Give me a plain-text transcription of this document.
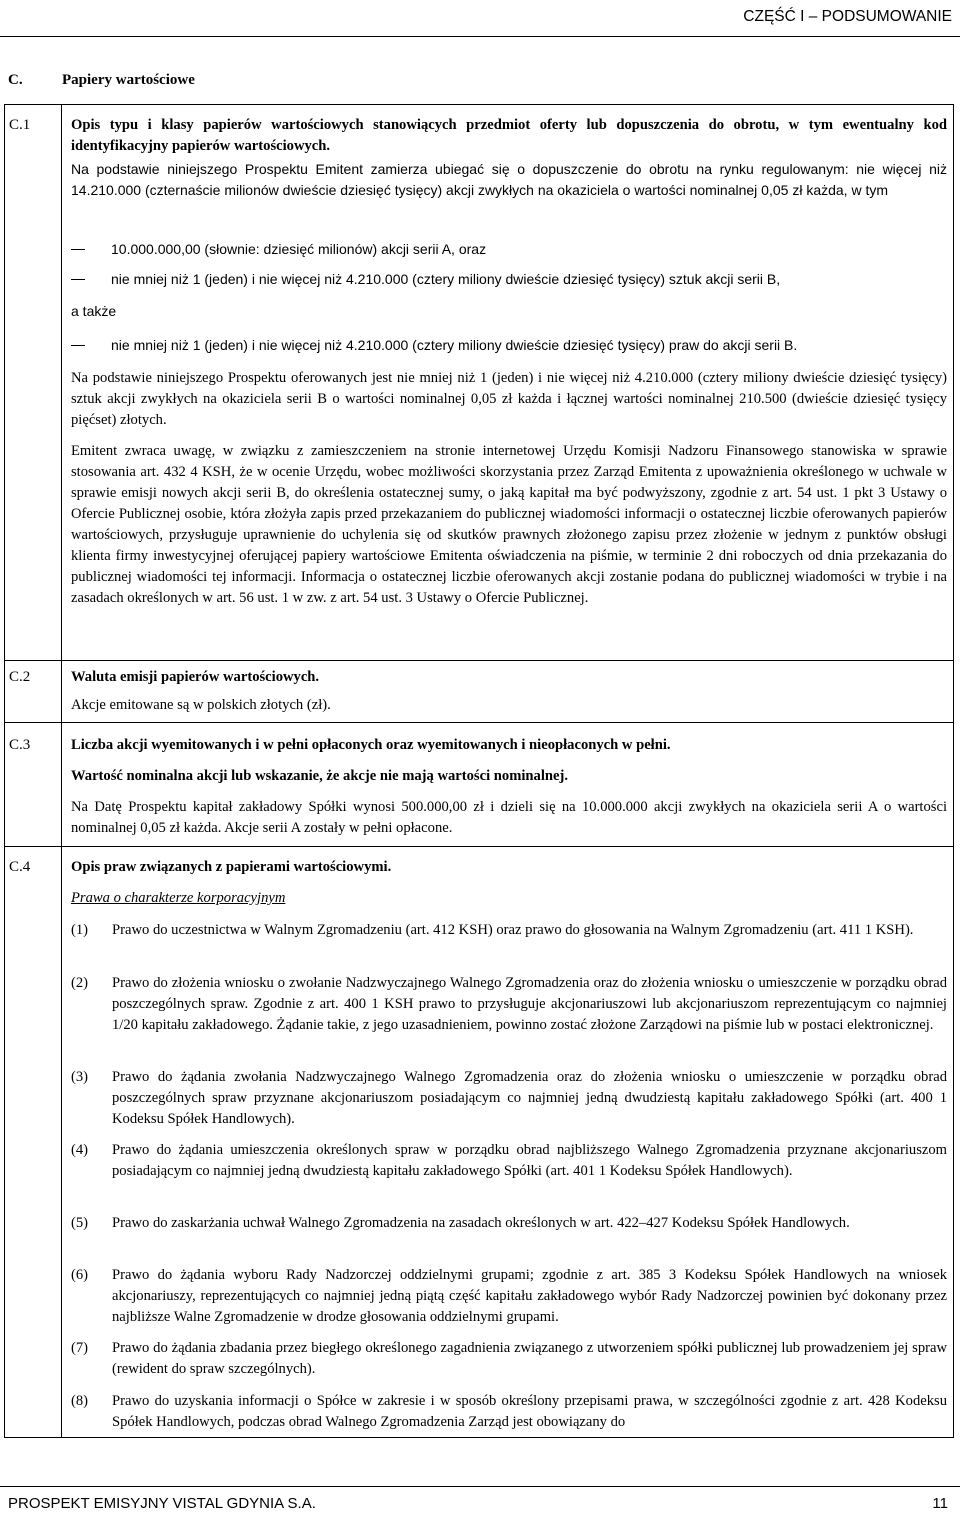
CZĘŚĆ I – PODSUMOWANIE
C.	Papiery wartościowe
C.1	Opis typu i klasy papierów wartościowych stanowiących przedmiot oferty lub dopuszczenia do obrotu, w tym ewentualny kod identyfikacyjny papierów wartościowych.
Na podstawie niniejszego Prospektu Emitent zamierza ubiegać się o dopuszczenie do obrotu na rynku regulowanym: nie więcej niż 14.210.000 (czternaście milionów dwieście dziesięć tysięcy) akcji zwykłych na okaziciela o wartości nominalnej 0,05 zł każda, w tym
10.000.000,00 (słownie: dziesięć milionów) akcji serii A, oraz
nie mniej niż 1 (jeden) i nie więcej niż 4.210.000 (cztery miliony dwieście dziesięć tysięcy) sztuk akcji serii B,
a także
nie mniej niż 1 (jeden) i nie więcej niż 4.210.000 (cztery miliony dwieście dziesięć tysięcy) praw do akcji serii B.
Na podstawie niniejszego Prospektu oferowanych jest nie mniej niż 1 (jeden) i nie więcej niż 4.210.000 (cztery miliony dwieście dziesięć tysięcy) sztuk akcji zwykłych na okaziciela serii B o wartości nominalnej 0,05 zł każda i łącznej wartości nominalnej 210.500 (dwieście dziesięć tysięcy pięćset) złotych.
Emitent zwraca uwagę, w związku z zamieszczeniem na stronie internetowej Urzędu Komisji Nadzoru Finansowego stanowiska w sprawie stosowania art. 432 4 KSH, że w ocenie Urzędu, wobec możliwości skorzystania przez Zarząd Emitenta z upoważnienia określonego w uchwale w sprawie emisji nowych akcji serii B, do określenia ostatecznej sumy, o jaką kapitał ma być podwyższony, zgodnie z art. 54 ust. 1 pkt 3 Ustawy o Ofercie Publicznej osobie, która złożyła zapis przed przekazaniem do publicznej wiadomości informacji o ostatecznej liczbie oferowanych papierów wartościowych, przysługuje uprawnienie do uchylenia się od skutków prawnych złożonego zapisu przez złożenie w jednym z punktów obsługi klienta firmy inwestycyjnej oferującej papiery wartościowe Emitenta oświadczenia na piśmie, w terminie 2 dni roboczych od dnia przekazania do publicznej wiadomości tej informacji. Informacja o ostatecznej liczbie oferowanych akcji zostanie podana do publicznej wiadomości w trybie i na zasadach określonych w art. 56 ust. 1 w zw. z art. 54 ust. 3 Ustawy o Ofercie Publicznej.
C.2	Waluta emisji papierów wartościowych.
Akcje emitowane są w polskich złotych (zł).
C.3	Liczba akcji wyemitowanych i w pełni opłaconych oraz wyemitowanych i nieopłaconych w pełni.
Wartość nominalna akcji lub wskazanie, że akcje nie mają wartości nominalnej.
Na Datę Prospektu kapitał zakładowy Spółki wynosi 500.000,00 zł i dzieli się na 10.000.000 akcji zwykłych na okaziciela serii A o wartości nominalnej 0,05 zł każda. Akcje serii A zostały w pełni opłacone.
C.4	Opis praw związanych z papierami wartościowymi.
Prawa o charakterze korporacyjnym
(1) Prawo do uczestnictwa w Walnym Zgromadzeniu (art. 412 KSH) oraz prawo do głosowania na Walnym Zgromadzeniu (art. 411 1 KSH).
(2) Prawo do złożenia wniosku o zwołanie Nadzwyczajnego Walnego Zgromadzenia oraz do złożenia wniosku o umieszczenie w porządku obrad poszczególnych spraw. Zgodnie z art. 400 1 KSH prawo to przysługuje akcjonariuszowi lub akcjonariuszom reprezentującym co najmniej 1/20 kapitału zakładowego. Żądanie takie, z jego uzasadnieniem, powinno zostać złożone Zarządowi na piśmie lub w postaci elektronicznej.
(3) Prawo do żądania zwołania Nadzwyczajnego Walnego Zgromadzenia oraz do złożenia wniosku o umieszczenie w porządku obrad poszczególnych spraw przyznane akcjonariuszom posiadającym co najmniej jedną dwudziestą kapitału zakładowego Spółki (art. 400 1 Kodeksu Spółek Handlowych).
(4) Prawo do żądania umieszczenia określonych spraw w porządku obrad najbliższego Walnego Zgromadzenia przyznane akcjonariuszom posiadającym co najmniej jedną dwudziestą kapitału zakładowego Spółki (art. 401 1 Kodeksu Spółek Handlowych).
(5) Prawo do zaskarżania uchwał Walnego Zgromadzenia na zasadach określonych w art. 422–427 Kodeksu Spółek Handlowych.
(6) Prawo do żądania wyboru Rady Nadzorczej oddzielnymi grupami; zgodnie z art. 385 3 Kodeksu Spółek Handlowych na wniosek akcjonariuszy, reprezentujących co najmniej jedną piątą część kapitału zakładowego wybór Rady Nadzorczej powinien być dokonany przez najbliższe Walne Zgromadzenie w drodze głosowania oddzielnymi grupami.
(7) Prawo do żądania zbadania przez biegłego określonego zagadnienia związanego z utworzeniem spółki publicznej lub prowadzeniem jej spraw (rewident do spraw szczególnych).
(8) Prawo do uzyskania informacji o Spółce w zakresie i w sposób określony przepisami prawa, w szczególności zgodnie z art. 428 Kodeksu Spółek Handlowych, podczas obrad Walnego Zgromadzenia Zarząd jest obowiązany do
PROSPEKT EMISYJNY VISTAL GDYNIA S.A.	11
